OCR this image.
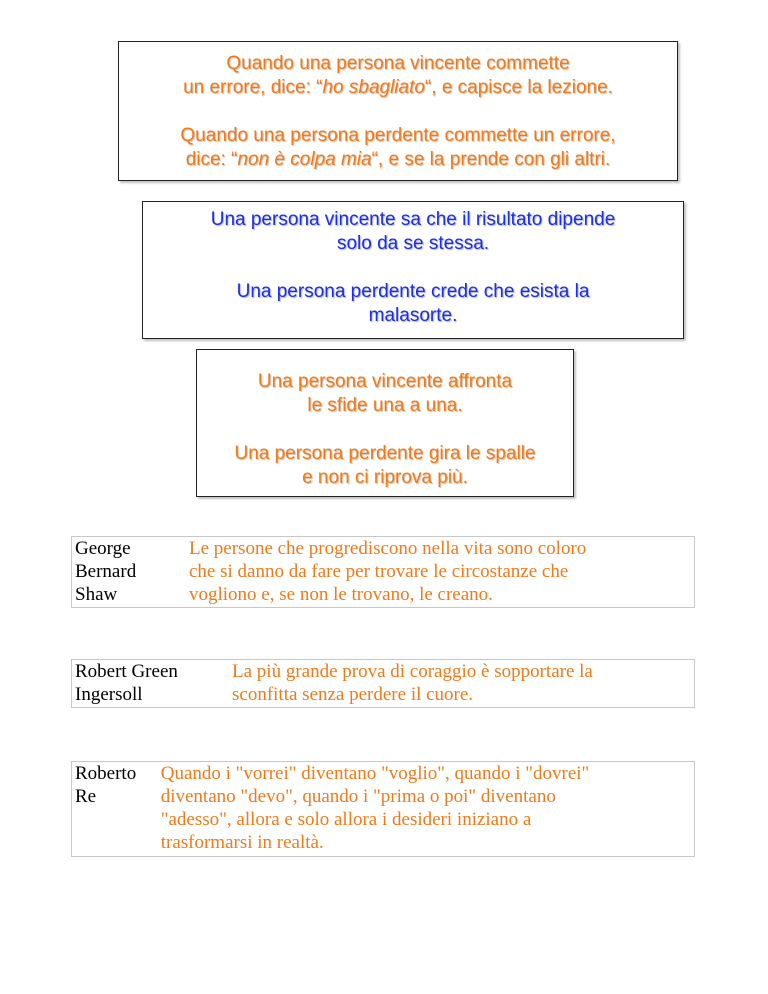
Quando una persona vincente commette

un errore, dice: “ho sbagliato“, e capisce la lezione.

Quando una persona perdente commette un errore,

dice: “non è colpa mia“, e se la prende con gli altri.

Una persona vincente sa che il risultato dipende

solo da se stessa.

Una persona perdente crede che esista la

malasorte.

Una persona vincente affronta

le sfide una a una.

Una persona perdente gira le spalle

e non ci riprova più.

George
Bernard
Shaw
Le persone che progrediscono nella vita sono coloro
che si danno da fare per trovare le circostanze che
vogliono e, se non le trovano, le creano.
Robert Green
Ingersoll
La più grande prova di coraggio è sopportare la
sconfitta senza perdere il cuore.
Roberto
Re
Quando i "vorrei" diventano "voglio", quando i "dovrei"
diventano "devo", quando i "prima o poi" diventano
"adesso", allora e solo allora i desideri iniziano a
trasformarsi in realtà.
